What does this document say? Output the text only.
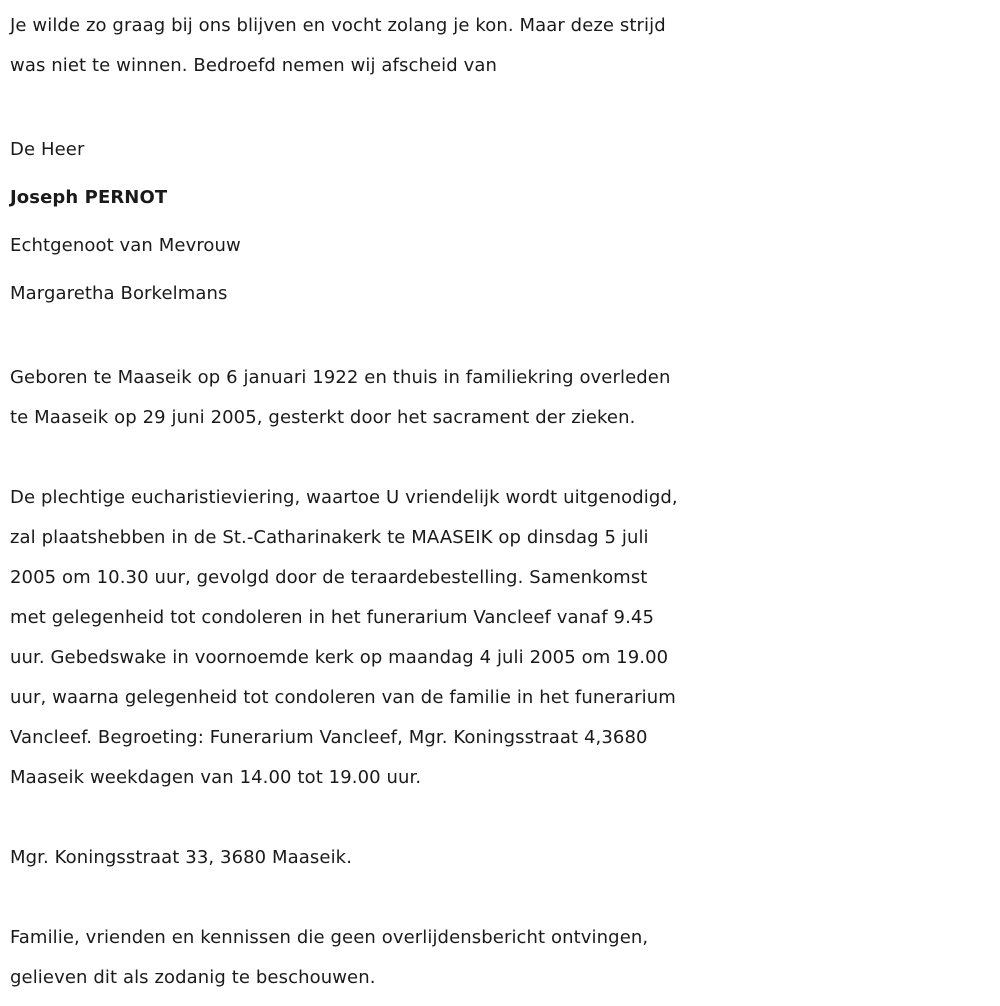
Je wilde zo graag bij ons blijven en vocht zolang je kon. Maar deze strijd
was niet te winnen. Bedroefd nemen wij afscheid van
De Heer
Joseph PERNOT
Echtgenoot van Mevrouw
Margaretha Borkelmans
Geboren te Maaseik op 6 januari 1922 en thuis in familiekring overleden
te Maaseik op 29 juni 2005, gesterkt door het sacrament der zieken.
De plechtige eucharistieviering, waartoe U vriendelijk wordt uitgenodigd,
zal plaatshebben in de St.-Catharinakerk te MAASEIK op dinsdag 5 juli
2005 om 10.30 uur, gevolgd door de teraardebestelling. Samenkomst
met gelegenheid tot condoleren in het funerarium Vancleef vanaf 9.45
uur. Gebedswake in voornoemde kerk op maandag 4 juli 2005 om 19.00
uur, waarna gelegenheid tot condoleren van de familie in het funerarium
Vancleef. Begroeting: Funerarium Vancleef, Mgr. Koningsstraat 4,3680
Maaseik weekdagen van 14.00 tot 19.00 uur.
Mgr. Koningsstraat 33, 3680 Maaseik.
Familie, vrienden en kennissen die geen overlijdensbericht ontvingen,
gelieven dit als zodanig te beschouwen.
